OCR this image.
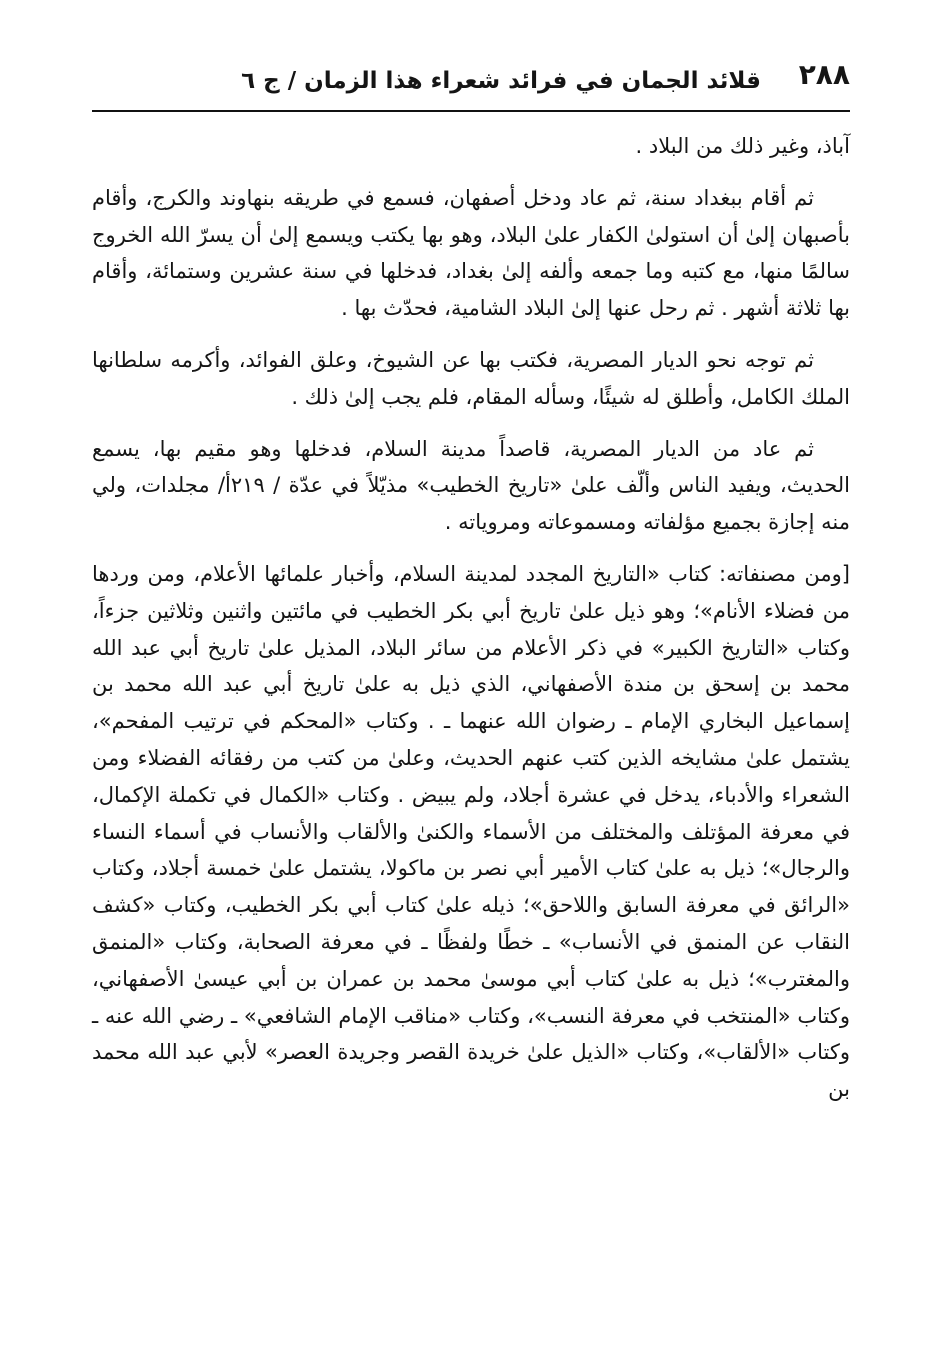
٢٨٨
قلائد الجمان في فرائد شعراء هذا الزمان / ج ٦

آباذ، وغير ذلك من البلاد .

ثم أقام ببغداد سنة، ثم عاد ودخل أصفهان، فسمع في طريقه بنهاوند والكرج، وأقام بأصبهان إلىٰ أن استولىٰ الكفار علىٰ البلاد، وهو بها يكتب ويسمع إلىٰ أن يسرّ الله الخروج سالمًا منها، مع كتبه وما جمعه وألفه إلىٰ بغداد، فدخلها في سنة عشرين وستمائة، وأقام بها ثلاثة أشهر . ثم رحل عنها إلىٰ البلاد الشامية، فحدّث بها .

ثم توجه نحو الديار المصرية، فكتب بها عن الشيوخ، وعلق الفوائد، وأكرمه سلطانها الملك الكامل، وأطلق له شيئًا، وسأله المقام، فلم يجب إلىٰ ذلك .

ثم عاد من الديار المصرية، قاصداً مدينة السلام، فدخلها وهو مقيم بها، يسمع الحديث، ويفيد الناس وألّف علىٰ «تاريخ الخطيب» مذيّلاً في عدّة / ٢١٩أ/ مجلدات، ولي منه إجازة بجميع مؤلفاته ومسموعاته ومروياته .

[ومن مصنفاته: كتاب «التاريخ المجدد لمدينة السلام، وأخبار علمائها الأعلام، ومن وردها من فضلاء الأنام»؛ وهو ذيل علىٰ تاريخ أبي بكر الخطيب في مائتين واثنين وثلاثين جزءاً، وكتاب «التاريخ الكبير» في ذكر الأعلام من سائر البلاد، المذيل علىٰ تاريخ أبي عبد الله محمد بن إسحق بن مندة الأصفهاني، الذي ذيل به علىٰ تاريخ أبي عبد الله محمد بن إسماعيل البخاري الإمام ـ رضوان الله عنهما ـ . وكتاب «المحكم في ترتيب المفحم»، يشتمل علىٰ مشايخه الذين كتب عنهم الحديث، وعلىٰ من كتب من رفقائه الفضلاء ومن الشعراء والأدباء، يدخل في عشرة أجلاد، ولم يبيض . وكتاب «الكمال في تكملة الإكمال، في معرفة المؤتلف والمختلف من الأسماء والكنىٰ والألقاب والأنساب في أسماء النساء والرجال»؛ ذيل به علىٰ كتاب الأمير أبي نصر بن ماكولا، يشتمل علىٰ خمسة أجلاد، وكتاب «الرائق في معرفة السابق واللاحق»؛ ذيله علىٰ كتاب أبي بكر الخطيب، وكتاب «كشف النقاب عن المنمق في الأنساب» ـ خطًا ولفظًا ـ في معرفة الصحابة، وكتاب «المنمق والمغترب»؛ ذيل به علىٰ كتاب أبي موسىٰ محمد بن عمران بن أبي عيسىٰ الأصفهاني، وكتاب «المنتخب في معرفة النسب»، وكتاب «مناقب الإمام الشافعي» ـ رضي الله عنه ـ وكتاب «الألقاب»، وكتاب «الذيل علىٰ خريدة القصر وجريدة العصر» لأبي عبد الله محمد بن
